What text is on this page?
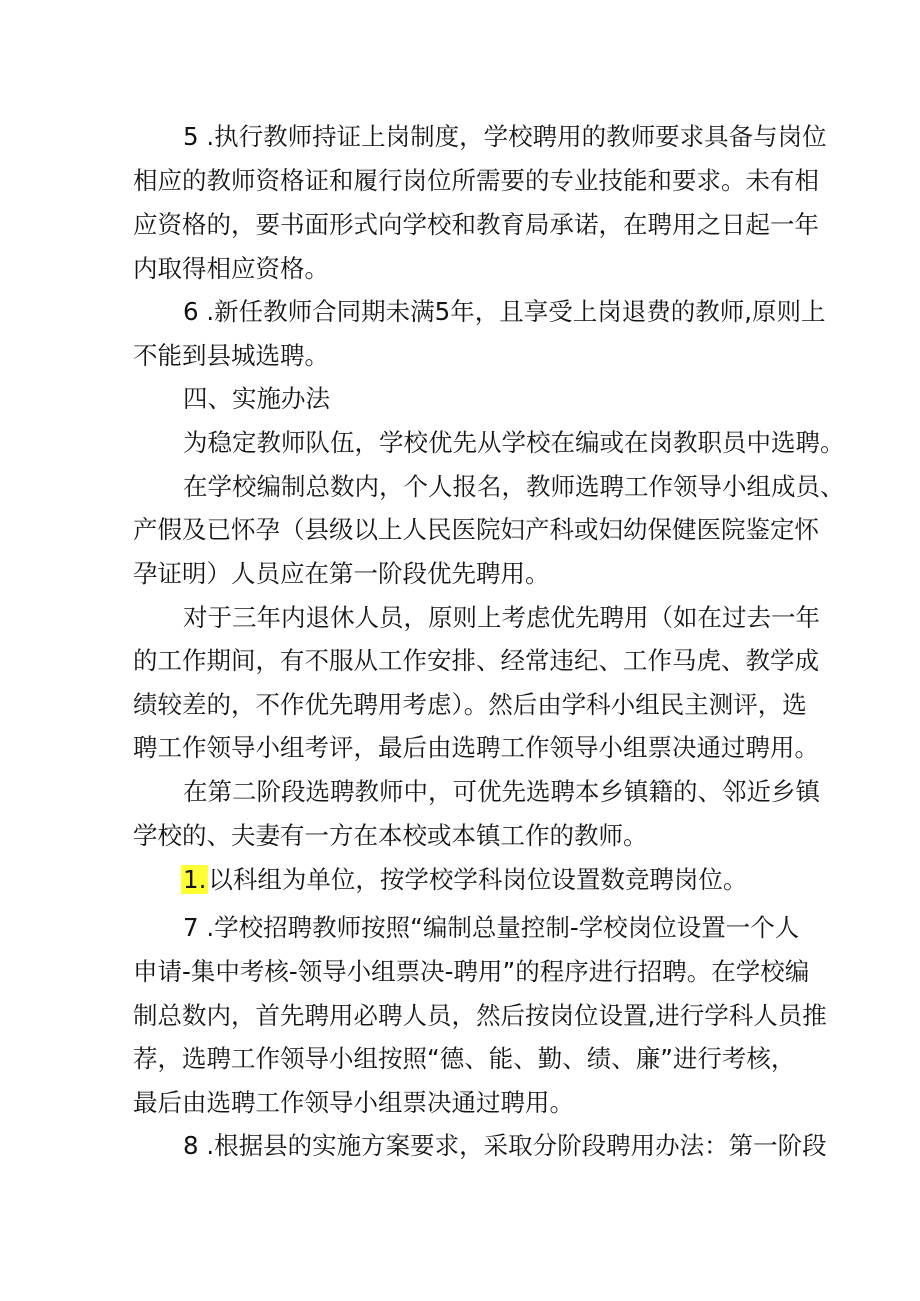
5 .执行教师持证上岗制度，学校聘用的教师要求具备与岗位
相应的教师资格证和履行岗位所需要的专业技能和要求。未有相
应资格的，要书面形式向学校和教育局承诺，在聘用之日起一年
内取得相应资格。
6 .新任教师合同期未满5年，且享受上岗退费的教师,原则上
不能到县城选聘。
四、实施办法
为稳定教师队伍，学校优先从学校在编或在岗教职员中选聘。
在学校编制总数内，个人报名，教师选聘工作领导小组成员、
产假及已怀孕（县级以上人民医院妇产科或妇幼保健医院鉴定怀
孕证明）人员应在第一阶段优先聘用。
对于三年内退休人员，原则上考虑优先聘用（如在过去一年
的工作期间，有不服从工作安排、经常违纪、工作马虎、教学成
绩较差的，不作优先聘用考虑）。然后由学科小组民主测评，选
聘工作领导小组考评，最后由选聘工作领导小组票决通过聘用。
在第二阶段选聘教师中，可优先选聘本乡镇籍的、邻近乡镇
学校的、夫妻有一方在本校或本镇工作的教师。
1.以科组为单位，按学校学科岗位设置数竞聘岗位。
7 .学校招聘教师按照“编制总量控制-学校岗位设置一个人
申请-集中考核-领导小组票决-聘用”的程序进行招聘。在学校编
制总数内，首先聘用必聘人员，然后按岗位设置,进行学科人员推
荐，选聘工作领导小组按照“德、能、勤、绩、廉”进行考核，
最后由选聘工作领导小组票决通过聘用。
8 .根据县的实施方案要求，采取分阶段聘用办法：第一阶段
